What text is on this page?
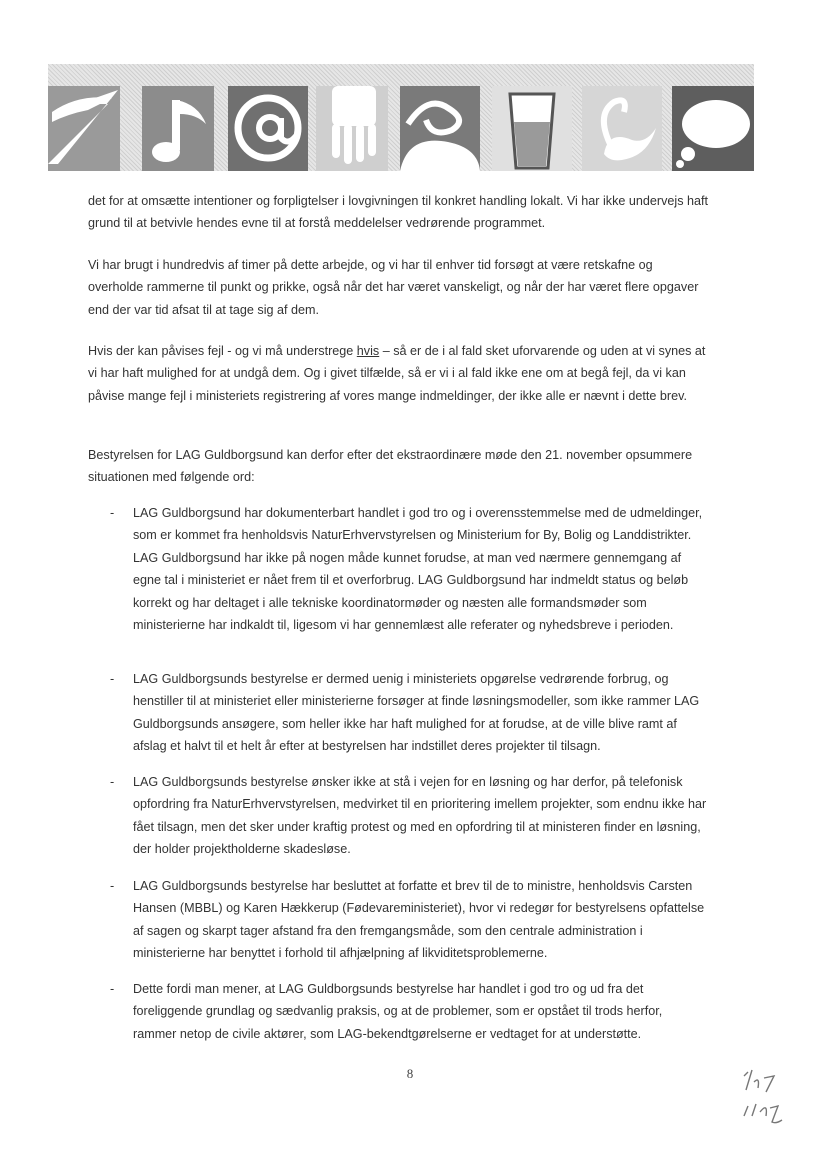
det for at omsætte intentioner og forpligtelser i lovgivningen til konkret handling lokalt. Vi har ikke undervejs haft grund til at betvivle hendes evne til at forstå meddelelser vedrørende programmet.

Vi har brugt i hundredvis af timer på dette arbejde, og vi har til enhver tid forsøgt at være retskafne og overholde rammerne til punkt og prikke, også når det har været vanskeligt, og når der har været flere opgaver end der var tid afsat til at tage sig af dem.

Hvis der kan påvises fejl - og vi må understrege hvis – så er de i al fald sket uforvarende og uden at vi synes at vi har haft mulighed for at undgå dem. Og i givet tilfælde, så er vi i al fald ikke ene om at begå fejl, da vi kan påvise mange fejl i ministeriets registrering af vores mange indmeldinger, der ikke alle er nævnt i dette brev.

Bestyrelsen for LAG Guldborgsund kan derfor efter det ekstraordinære møde den 21. november opsummere situationen med følgende ord:

- LAG Guldborgsund har dokumenterbart handlet i god tro og i overensstemmelse med de udmeldinger, som er kommet fra henholdsvis NaturErhvervstyrelsen og Ministerium for By, Bolig og Landdistrikter. LAG Guldborgsund har ikke på nogen måde kunnet forudse, at man ved nærmere gennemgang af egne tal i ministeriet er nået frem til et overforbrug. LAG Guldborgsund har indmeldt status og beløb korrekt og har deltaget i alle tekniske koordinatormøder og næsten alle formandsmøder som ministerierne har indkaldt til, ligesom vi har gennemlæst alle referater og nyhedsbreve i perioden.
- LAG Guldborgsunds bestyrelse er dermed uenig i ministeriets opgørelse vedrørende forbrug, og henstiller til at ministeriet eller ministerierne forsøger at finde løsningsmodeller, som ikke rammer LAG Guldborgsunds ansøgere, som heller ikke har haft mulighed for at forudse, at de ville blive ramt af afslag et halvt til et helt år efter at bestyrelsen har indstillet deres projekter til tilsagn.
- LAG Guldborgsunds bestyrelse ønsker ikke at stå i vejen for en løsning og har derfor, på telefonisk opfordring fra NaturErhvervstyrelsen, medvirket til en prioritering imellem projekter, som endnu ikke har fået tilsagn, men det sker under kraftig protest og med en opfordring til at ministeren finder en løsning, der holder projektholderne skadesløse.
- LAG Guldborgsunds bestyrelse har besluttet at forfatte et brev til de to ministre, henholdsvis Carsten Hansen (MBBL) og Karen Hækkerup (Fødevareministeriet), hvor vi redegør for bestyrelsens opfattelse af sagen og skarpt tager afstand fra den fremgangsmåde, som den centrale administration i ministerierne har benyttet i forhold til afhjælpning af likviditetsproblemerne.
- Dette fordi man mener, at LAG Guldborgsunds bestyrelse har handlet i god tro og ud fra det foreliggende grundlag og sædvanlig praksis, og at de problemer, som er opstået til trods herfor, rammer netop de civile aktører, som LAG-bekendtgørelserne er vedtaget for at understøtte.
8
